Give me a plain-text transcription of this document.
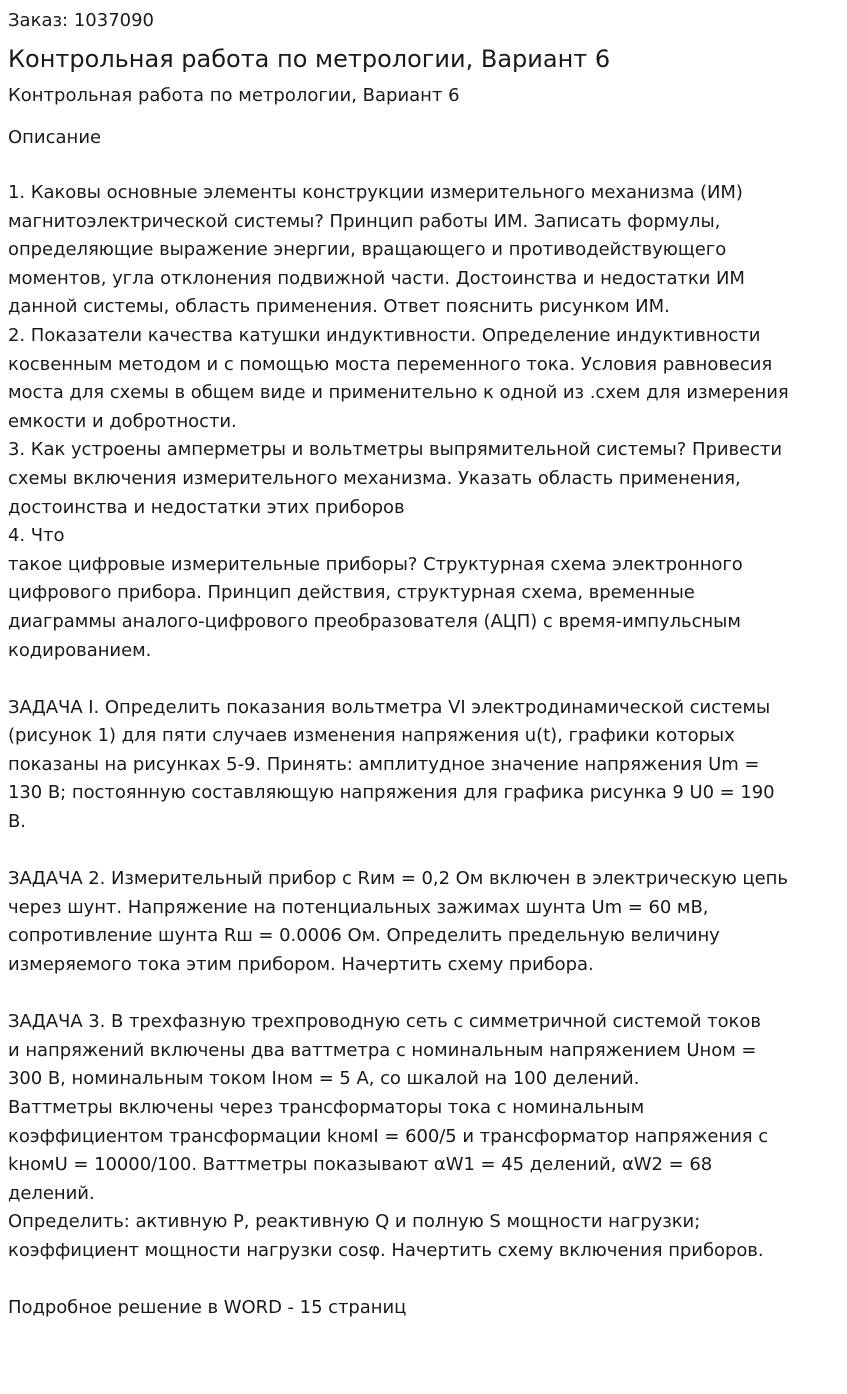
Заказ: 1037090
Контрольная работа по метрологии, Вариант 6
Контрольная работа по метрологии, Вариант 6
Описание

1. Каковы основные элементы конструкции измерительного механизма (ИМ)
магнитоэлектрической системы? Принцип работы ИМ. Записать формулы,
определяющие выражение энергии, вращающего и противодействующего
моментов, угла отклонения подвижной части. Достоинства и недостатки ИМ
данной системы, область применения. Ответ пояснить рисунком ИМ.

2. Показатели качества катушки индуктивности. Определение индуктивности
косвенным методом и с помощью моста переменного тока. Условия равновесия
моста для схемы в общем виде и применительно к одной из .схем для измерения
емкости и добротности.

3. Как устроены амперметры и вольтметры выпрямительной системы? Привести
схемы включения измерительного механизма. Указать область применения,
достоинства и недостатки этих приборов

4. Что
такое цифровые измерительные приборы? Структурная схема электронного
цифрового прибора. Принцип действия, структурная схема, временные
диаграммы аналого-цифрового преобразователя (АЦП) с время-импульсным
кодированием.

ЗАДАЧА I. Определить показания вольтметра VI электродинамической системы
(рисунок 1) для пяти случаев изменения напряжения u(t), графики которых
показаны на рисунках 5-9. Принять: амплитудное значение напряжения Um =
130 В; постоянную составляющую напряжения для графика рисунка 9 U0 = 190
В.

ЗАДАЧА 2. Измерительный прибор с Rим = 0,2 Ом включен в электрическую цепь
через шунт. Напряжение на потенциальных зажимах шунта Um = 60 мВ,
сопротивление шунта Rш = 0.0006 Ом. Определить предельную величину
измеряемого тока этим прибором. Начертить схему прибора.

ЗАДАЧА 3. В трехфазную трехпроводную сеть с симметричной системой токов
и напряжений включены два ваттметра с номинальным напряжением Uном =
300 В, номинальным током Iном = 5 А, со шкалой на 100 делений.
Ваттметры включены через трансформаторы тока с номинальным
коэффициентом трансформации kномI = 600/5 и трансформатор напряжения с
kномU = 10000/100. Ваттметры показывают αW1 = 45 делений, αW2 = 68
делений.
Определить: активную P, реактивную Q и полную S мощности нагрузки;
коэффициент мощности нагрузки cosφ. Начертить схему включения приборов.

Подробное решение в WORD - 15 страниц
